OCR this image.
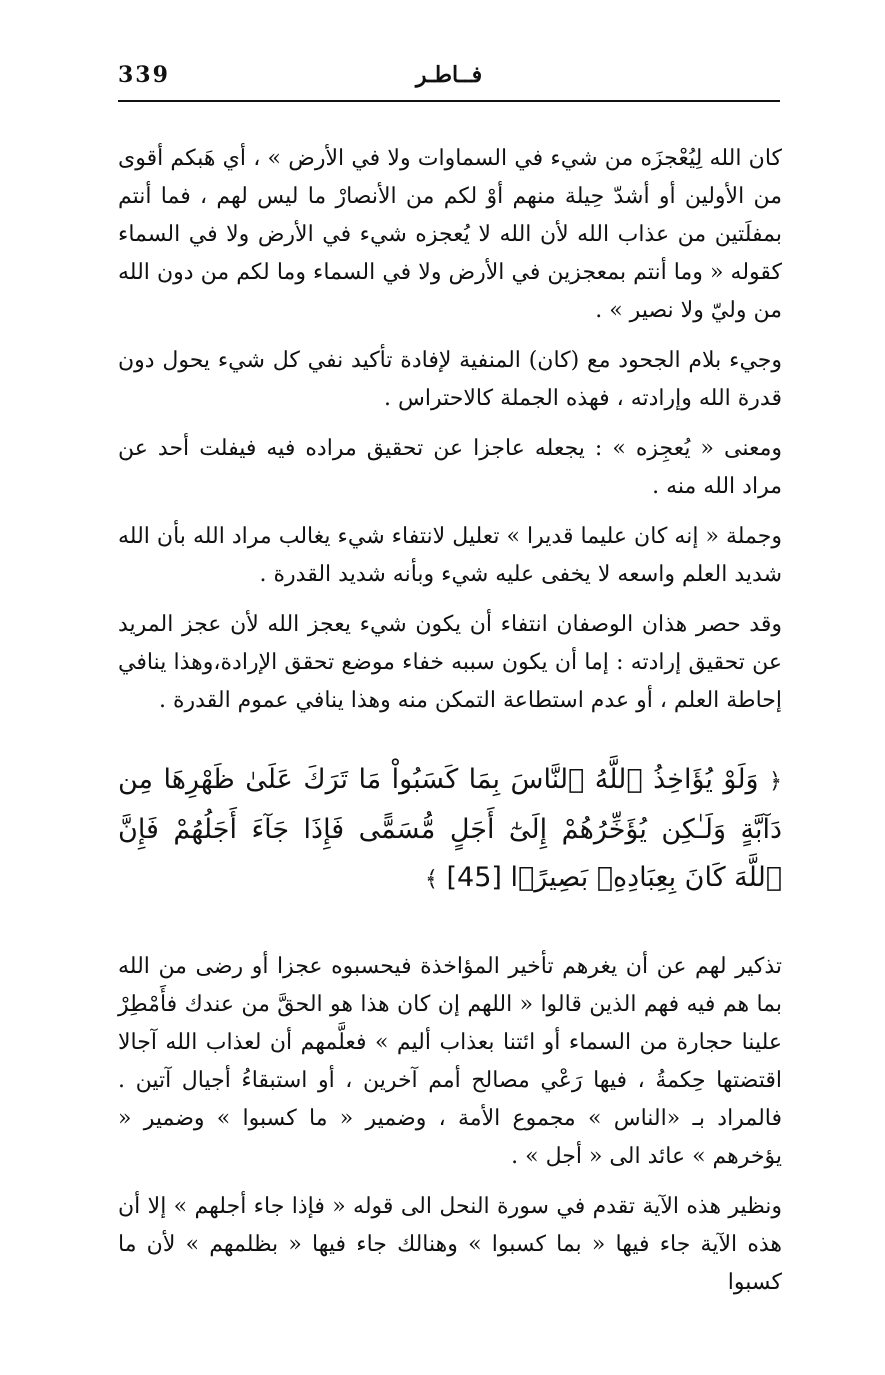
339	فــاطـر

كان الله لِيُعْجزَه من شيء في السماوات ولا في الأرض » ، أي هَبكم أقوى من الأولين أو أشدّ حِيلة منهم أوْ لكم من الأنصارْ ما ليس لهم ، فما أنتم بمفلَتين من عذاب الله لأن الله لا يُعجزه شيء في الأرض ولا في السماء كقوله « وما أنتم بمعجزين في الأرض ولا في السماء وما لكم من دون الله من وليّ ولا نصير » .

وجيء بلام الجحود مع (كان) المنفية لإفادة تأكيد نفي كل شيء يحول دون قدرة الله وإرادته ، فهذه الجملة كالاحتراس .

ومعنى « يُعجِزه » : يجعله عاجزا عن تحقيق مراده فيه فيفلت أحد عن مراد الله منه .

وجملة « إنه كان عليما قديرا » تعليل لانتفاء شيء يغالب مراد الله بأن الله شديد العلم واسعه لا يخفى عليه شيء وبأنه شديد القدرة .

وقد حصر هذان الوصفان انتفاء أن يكون شيء يعجز الله لأن عجز المريد عن تحقيق إرادته : إما أن يكون سببه خفاء موضع تحقق الإرادة،وهذا ينافي إحاطة العلم ، أو عدم استطاعة التمكن منه وهذا ينافي عموم القدرة .

﴿ وَلَوْ يُؤَاخِذُ ٱللَّهُ ٱلنَّاسَ بِمَا كَسَبُواْ مَا تَرَكَ عَلَىٰ ظَهْرِهَا مِن دَآبَّةٍ وَلَـٰكِن يُؤَخِّرُهُمْ إِلَىٰٓ أَجَلٍ مُّسَمًّى فَإِذَا جَآءَ أَجَلُهُمْ فَإِنَّ ٱللَّهَ كَانَ بِعِبَادِهِۦ بَصِيرًۢا [45] ﴾

تذكير لهم عن أن يغرهم تأخير المؤاخذة فيحسبوه عجزا أو رضى من الله بما هم فيه فهم الذين قالوا « اللهم إن كان هذا هو الحقَّ من عندك فأَمْطِرْ علينا حجارة من السماء أو ائتنا بعذاب أليم » فعلَّمهم أن لعذاب الله آجالا اقتضتها حِكمةُ ، فيها رَعْي مصالح أمم آخرين ، أو استبقاءُ أجيال آتين . فالمراد بـ «الناس » مجموع الأمة ، وضمير « ما كسبوا » وضمير « يؤخرهم » عائد الى « أجل » .

ونظير هذه الآية تقدم في سورة النحل الى قوله « فإذا جاء أجلهم » إلا أن هذه الآية جاء فيها « بما كسبوا » وهنالك جاء فيها « بظلمهم » لأن ما كسبوا
